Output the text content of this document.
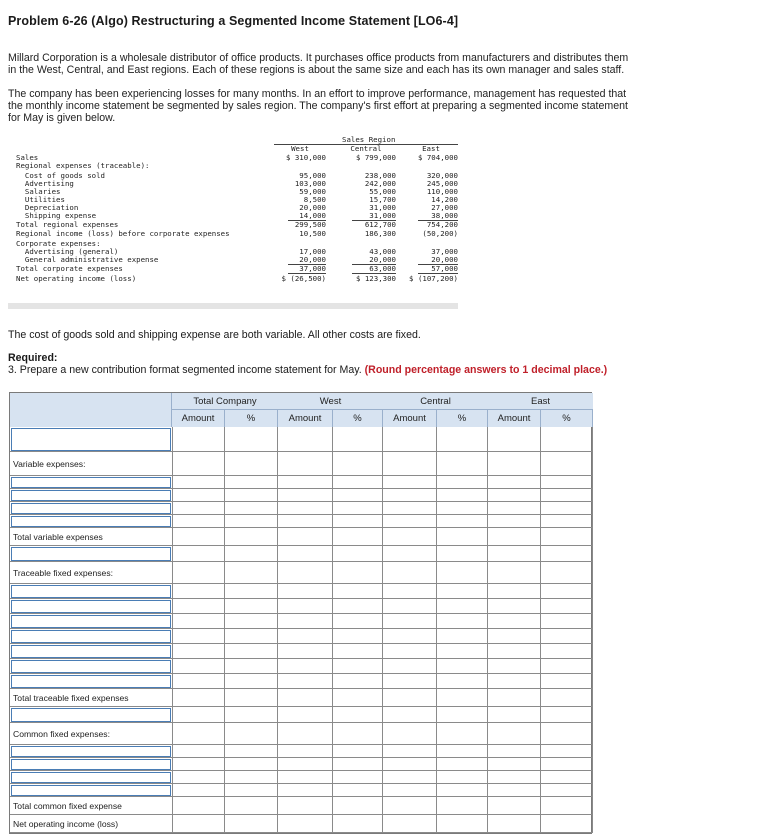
Problem 6-26 (Algo) Restructuring a Segmented Income Statement [LO6-4]
Millard Corporation is a wholesale distributor of office products. It purchases office products from manufacturers and distributes them in the West, Central, and East regions. Each of these regions is about the same size and each has its own manager and sales staff.
The company has been experiencing losses for many months. In an effort to improve performance, management has requested that the monthly income statement be segmented by sales region. The company's first effort at preparing a segmented income statement for May is given below.
Sales Region
West	Central	East
Sales	$ 310,000	$ 799,000	$ 704,000
Regional expenses (traceable):
Cost of goods sold	95,000	238,000	320,000
Advertising	103,000	242,000	245,000
Salaries	59,000	55,000	110,000
Utilities	8,500	15,700	14,200
Depreciation	20,000	31,000	27,000
Shipping expense	14,000	31,000	38,000
Total regional expenses	299,500	612,700	754,200
Regional income (loss) before corporate expenses	10,500	186,300	(50,200)
Corporate expenses:
Advertising (general)	17,000	43,000	37,000
General administrative expense	20,000	20,000	20,000
Total corporate expenses	37,000	63,000	57,000
Net operating income (loss)	$ (26,500)	$ 123,300	$ (107,200)
The cost of goods sold and shipping expense are both variable. All other costs are fixed.
Required:
3. Prepare a new contribution format segmented income statement for May. (Round percentage answers to 1 decimal place.)
Total Company	West	Central	East
Amount	%	Amount	%	Amount	%	Amount	%
Variable expenses:
Total variable expenses
Traceable fixed expenses:
Total traceable fixed expenses
Common fixed expenses:
Total common fixed expense
Net operating income (loss)
